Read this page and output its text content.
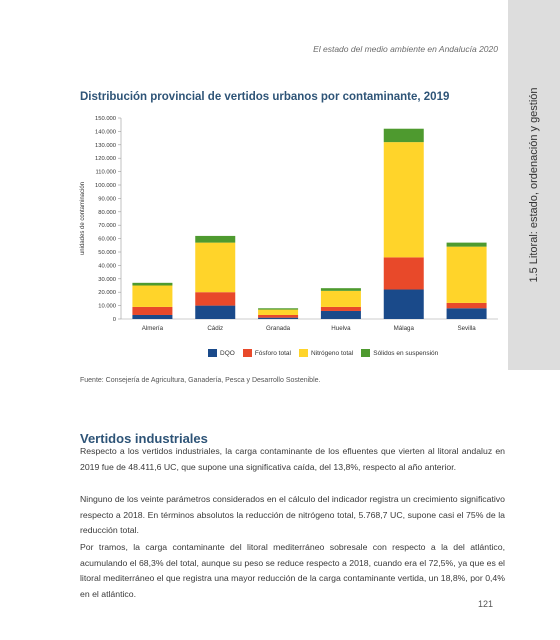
El estado del medio ambiente en Andalucía 2020
1.5 Litoral: estado, ordenación y gestión
Distribución provincial de vertidos urbanos por contaminante, 2019
0
10.000
20.000
30.000
40.000
50.000
60.000
70.000
80.000
90.000
100.000
110.000
120.000
130.000
140.000
150.000
unidades de contaminación
Almería	Cádiz	Granada	Huelva	Málaga	Sevilla
DQO	Fósforo total	Nitrógeno total	Sólidos en suspensión
Fuente: Consejería de Agricultura, Ganadería, Pesca y Desarrollo Sostenible.
Vertidos industriales

Respecto a los vertidos industriales, la carga contaminante de los efluentes que vierten al litoral andaluz en 2019 fue de 48.411,6 UC, que supone una significativa caída, del 13,8%, respecto al año anterior.

Ninguno de los veinte parámetros considerados en el cálculo del indicador registra un crecimiento significativo respecto a 2018. En términos absolutos la reducción de nitrógeno total, 5.768,7 UC, supone casi el 75% de la reducción total.

Por tramos, la carga contaminante del litoral mediterráneo sobresale con respecto a la del atlántico, acumulando el 68,3% del total, aunque su peso se reduce respecto a 2018, cuando era el 72,5%, ya que es el litoral mediterráneo el que registra una mayor reducción de la carga contaminante vertida, un 18,8%, por 0,4% en el atlántico.

121
